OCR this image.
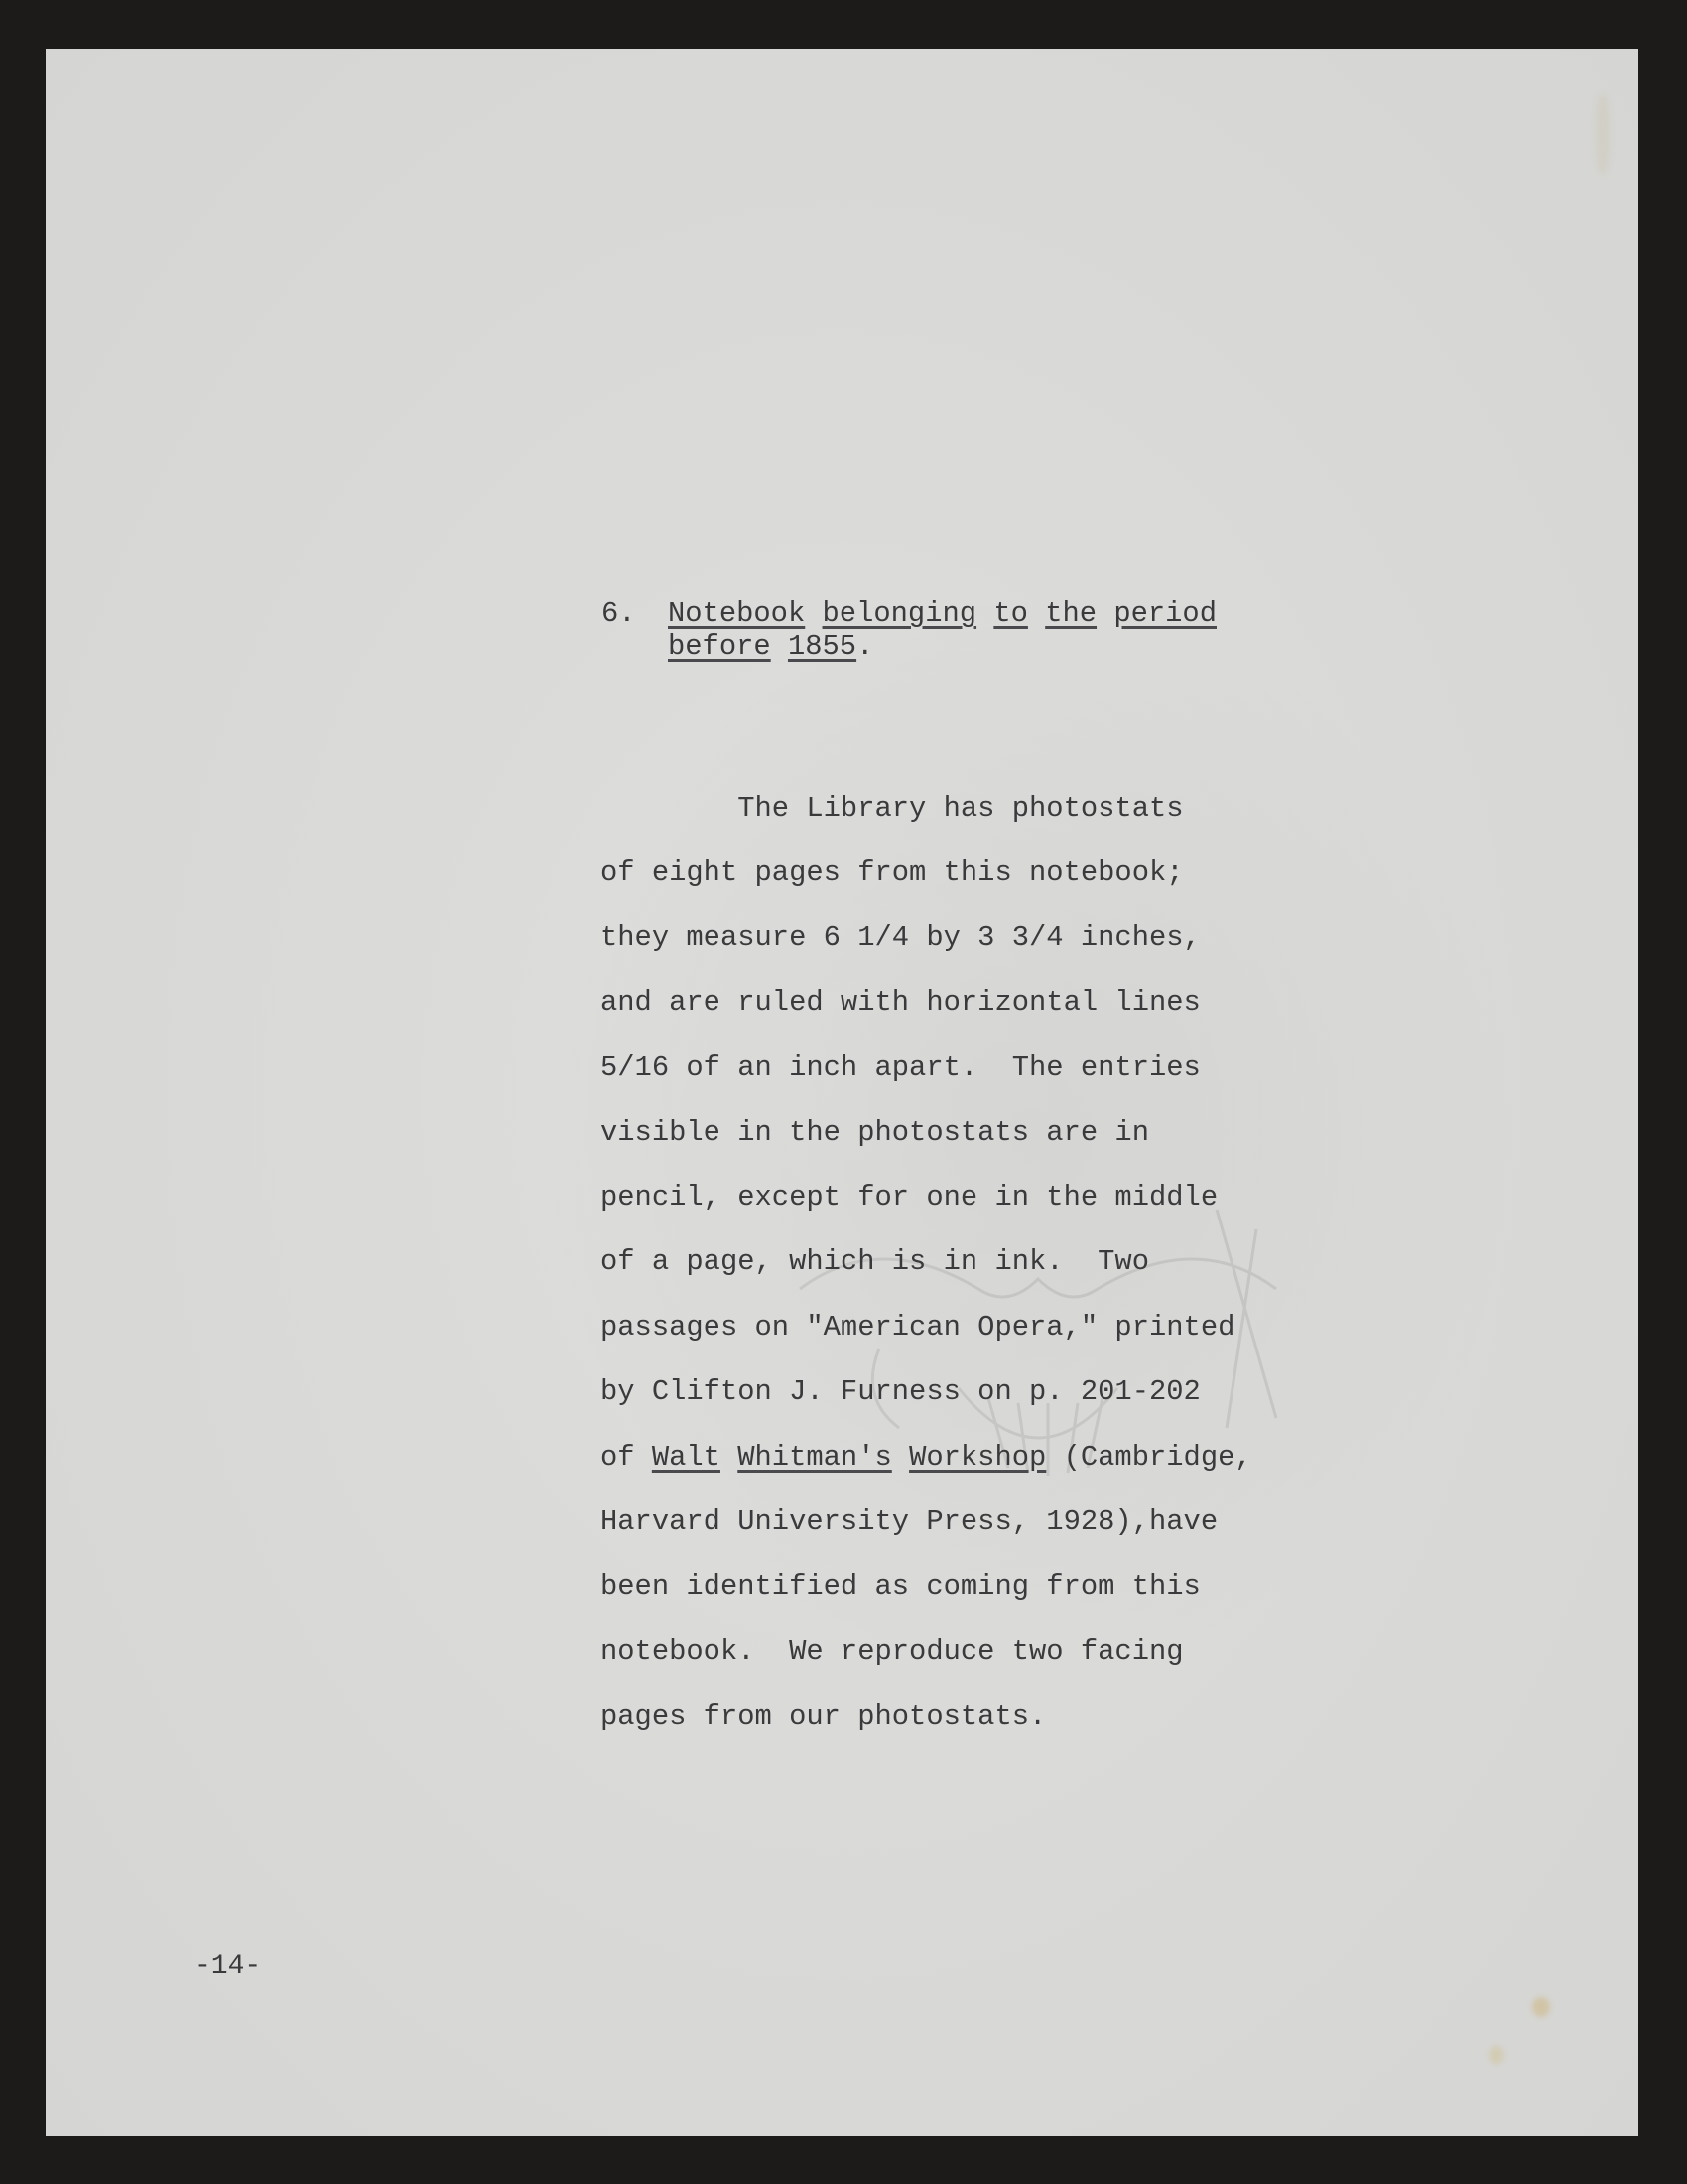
6. Notebook belonging to the period
before 1855.

The Library has photostats

of eight pages from this notebook;

they measure 6 1/4 by 3 3/4 inches,

and are ruled with horizontal lines

5/16 of an inch apart.  The entries

visible in the photostats are in

pencil, except for one in the middle

of a page, which is in ink.  Two

passages on "American Opera," printed

by Clifton J. Furness on p. 201-202

of Walt Whitman's Workshop (Cambridge,

Harvard University Press, 1928),have

been identified as coming from this

notebook.  We reproduce two facing

pages from our photostats.

-14-
